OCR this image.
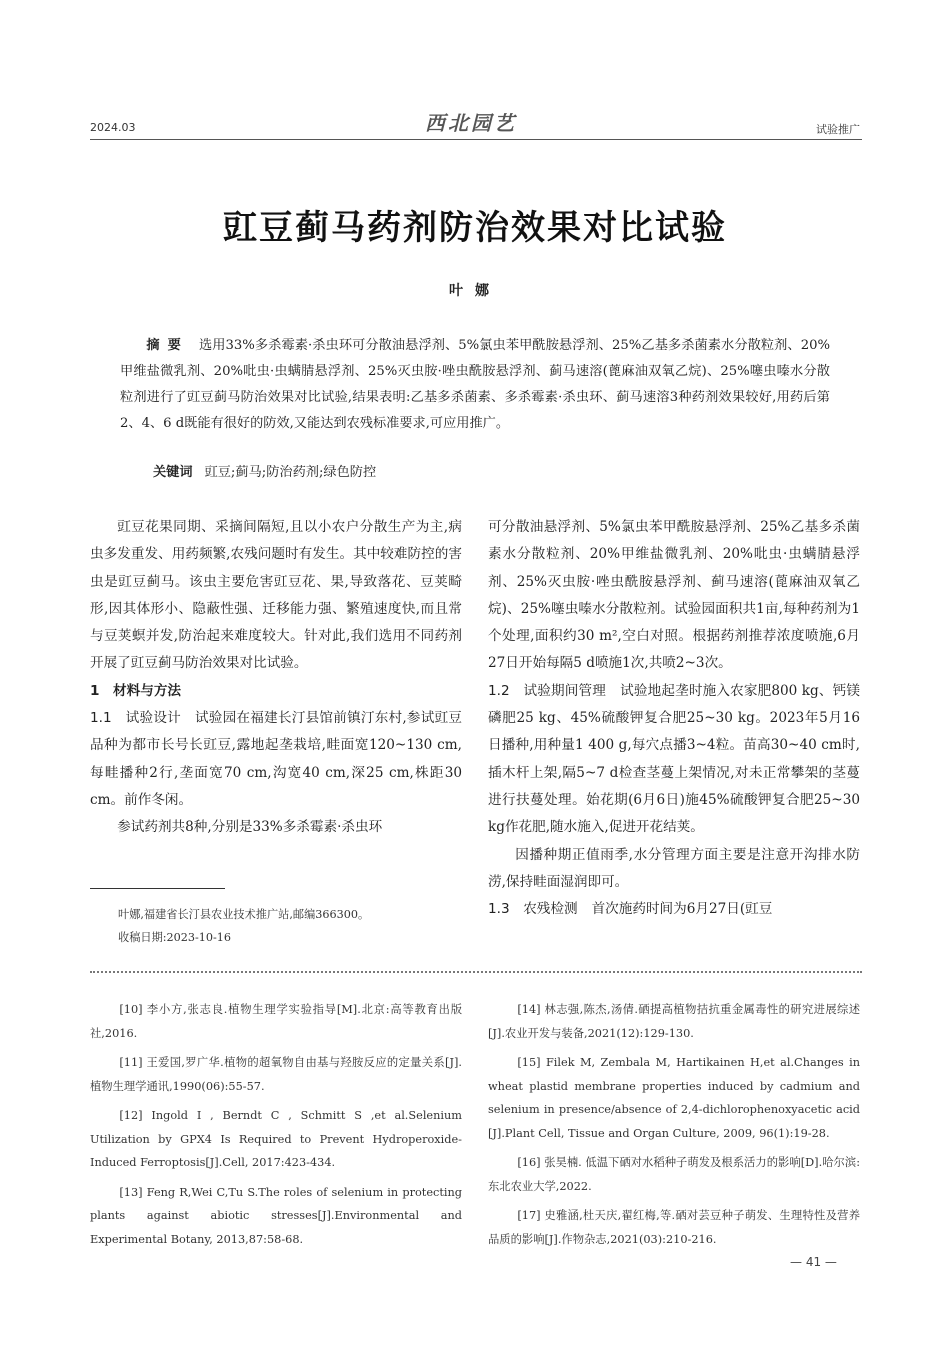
2024.03	西北园艺	试验推广
豇豆蓟马药剂防治效果对比试验
叶娜
摘要 选用33%多杀霉素·杀虫环可分散油悬浮剂、5%氯虫苯甲酰胺悬浮剂、25%乙基多杀菌素水分散粒剂、20%甲维盐微乳剂、20%吡虫·虫螨腈悬浮剂、25%灭虫胺·唑虫酰胺悬浮剂、蓟马速溶(蓖麻油双氧乙烷)、25%噻虫嗪水分散粒剂进行了豇豆蓟马防治效果对比试验,结果表明:乙基多杀菌素、多杀霉素·杀虫环、蓟马速溶3种药剂效果较好,用药后第2、4、6 d既能有很好的防效,又能达到农残标准要求,可应用推广。
关键词 豇豆;蓟马;防治药剂;绿色防控

豇豆花果同期、采摘间隔短,且以小农户分散生产为主,病虫多发重发、用药频繁,农残问题时有发生。其中较难防控的害虫是豇豆蓟马。该虫主要危害豇豆花、果,导致落花、豆荚畸形,因其体形小、隐蔽性强、迁移能力强、繁殖速度快,而且常与豆荚螟并发,防治起来难度较大。针对此,我们选用不同药剂开展了豇豆蓟马防治效果对比试验。

1　材料与方法

1.1　试验设计 试验园在福建长汀县馆前镇汀东村,参试豇豆品种为都市长号长豇豆,露地起垄栽培,畦面宽120~130 cm,每畦播种2行,垄面宽70 cm,沟宽40 cm,深25 cm,株距30 cm。前作冬闲。

参试药剂共8种,分别是33%多杀霉素·杀虫环

叶娜,福建省长汀县农业技术推广站,邮编366300。
收稿日期:2023-10-16

可分散油悬浮剂、5%氯虫苯甲酰胺悬浮剂、25%乙基多杀菌素水分散粒剂、20%甲维盐微乳剂、20%吡虫·虫螨腈悬浮剂、25%灭虫胺·唑虫酰胺悬浮剂、蓟马速溶(蓖麻油双氧乙烷)、25%噻虫嗪水分散粒剂。试验园面积共1亩,每种药剂为1个处理,面积约30 m²,空白对照。根据药剂推荐浓度喷施,6月27日开始每隔5 d喷施1次,共喷2~3次。

1.2　试验期间管理 试验地起垄时施入农家肥800 kg、钙镁磷肥25 kg、45%硫酸钾复合肥25~30 kg。2023年5月16日播种,用种量1 400 g,每穴点播3~4粒。苗高30~40 cm时,插木杆上架,隔5~7 d检查茎蔓上架情况,对未正常攀架的茎蔓进行扶蔓处理。始花期(6月6日)施45%硫酸钾复合肥25~30 kg作花肥,随水施入,促进开花结荚。

因播种期正值雨季,水分管理方面主要是注意开沟排水防涝,保持畦面湿润即可。

1.3　农残检测 首次施药时间为6月27日(豇豆

[10] 李小方,张志良.植物生理学实验指导[M].北京:高等教育出版社,2016.

[11] 王爱国,罗广华.植物的超氧物自由基与羟胺反应的定量关系[J].植物生理学通讯,1990(06):55-57.

[12] Ingold I , Berndt C , Schmitt S ,et al.Selenium Utilization by GPX4 Is Required to Prevent Hydroperoxide-Induced Ferroptosis[J].Cell, 2017:423-434.

[13] Feng R,Wei C,Tu S.The roles of selenium in protecting plants against abiotic stresses[J].Environmental and Experimental Botany, 2013,87:58-68.

[14] 林志强,陈杰,汤倩.硒提高植物拮抗重金属毒性的研究进展综述[J].农业开发与装备,2021(12):129-130.

[15] Filek M, Zembala M, Hartikainen H,et al.Changes in wheat plastid membrane properties induced by cadmium and selenium in presence/absence of 2,4-dichlorophenoxyacetic acid [J].Plant Cell, Tissue and Organ Culture, 2009, 96(1):19-28.

[16] 张昊楠. 低温下硒对水稻种子萌发及根系活力的影响[D].哈尔滨:东北农业大学,2022.

[17] 史雅涵,杜天庆,翟红梅,等.硒对芸豆种子萌发、生理特性及营养品质的影响[J].作物杂志,2021(03):210-216.

— 41 —
